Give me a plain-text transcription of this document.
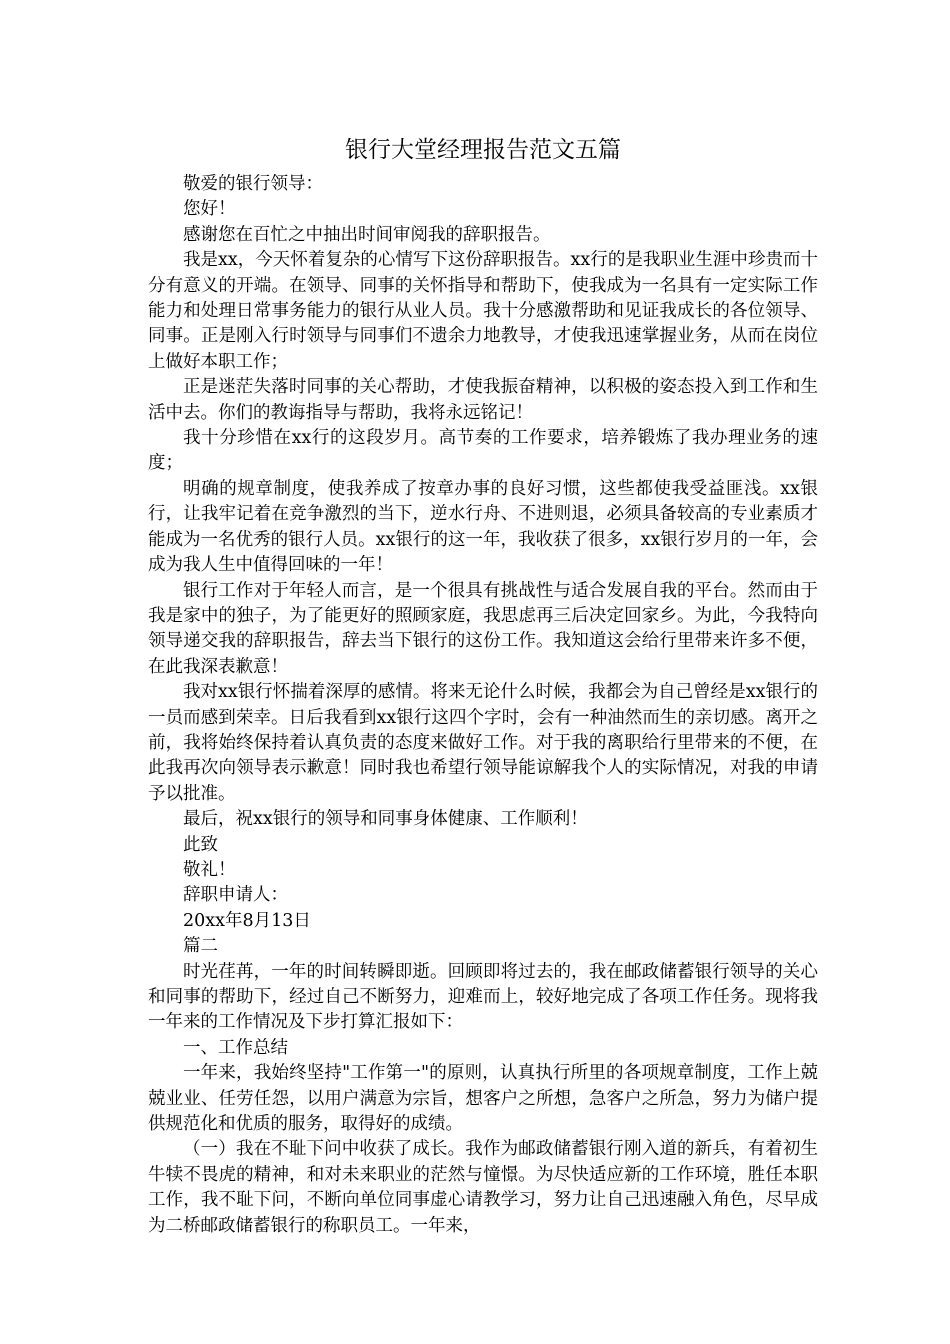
银行大堂经理报告范文五篇

敬爱的银行领导：

您好！

感谢您在百忙之中抽出时间审阅我的辞职报告。

我是xx，今天怀着复杂的心情写下这份辞职报告。xx行的是我职业生涯中珍贵而十分有意义的开端。在领导、同事的关怀指导和帮助下，使我成为一名具有一定实际工作能力和处理日常事务能力的银行从业人员。我十分感激帮助和见证我成长的各位领导、同事。正是刚入行时领导与同事们不遗余力地教导，才使我迅速掌握业务，从而在岗位上做好本职工作；

正是迷茫失落时同事的关心帮助，才使我振奋精神，以积极的姿态投入到工作和生活中去。你们的教诲指导与帮助，我将永远铭记！

我十分珍惜在xx行的这段岁月。高节奏的工作要求，培养锻炼了我办理业务的速度；

明确的规章制度，使我养成了按章办事的良好习惯，这些都使我受益匪浅。xx银行，让我牢记着在竞争激烈的当下，逆水行舟、不进则退，必须具备较高的专业素质才能成为一名优秀的银行人员。xx银行的这一年，我收获了很多，xx银行岁月的一年，会成为我人生中值得回味的一年！

银行工作对于年轻人而言，是一个很具有挑战性与适合发展自我的平台。然而由于我是家中的独子，为了能更好的照顾家庭，我思虑再三后决定回家乡。为此，今我特向领导递交我的辞职报告，辞去当下银行的这份工作。我知道这会给行里带来许多不便，在此我深表歉意！

我对xx银行怀揣着深厚的感情。将来无论什么时候，我都会为自己曾经是xx银行的一员而感到荣幸。日后我看到xx银行这四个字时，会有一种油然而生的亲切感。离开之前，我将始终保持着认真负责的态度来做好工作。对于我的离职给行里带来的不便，在此我再次向领导表示歉意！同时我也希望行领导能谅解我个人的实际情况，对我的申请予以批准。

最后，祝xx银行的领导和同事身体健康、工作顺利！

此致

敬礼！

辞职申请人：

20xx年8月13日

篇二

时光荏苒，一年的时间转瞬即逝。回顾即将过去的，我在邮政储蓄银行领导的关心和同事的帮助下，经过自己不断努力，迎难而上，较好地完成了各项工作任务。现将我一年来的工作情况及下步打算汇报如下：

一、工作总结

一年来，我始终坚持"工作第一"的原则，认真执行所里的各项规章制度，工作上兢兢业业、任劳任怨，以用户满意为宗旨，想客户之所想，急客户之所急，努力为储户提供规范化和优质的服务，取得好的成绩。

（一）我在不耻下问中收获了成长。我作为邮政储蓄银行刚入道的新兵，有着初生牛犊不畏虎的精神，和对未来职业的茫然与憧憬。为尽快适应新的工作环境，胜任本职工作，我不耻下问，不断向单位同事虚心请教学习，努力让自己迅速融入角色，尽早成为二桥邮政储蓄银行的称职员工。一年来，
